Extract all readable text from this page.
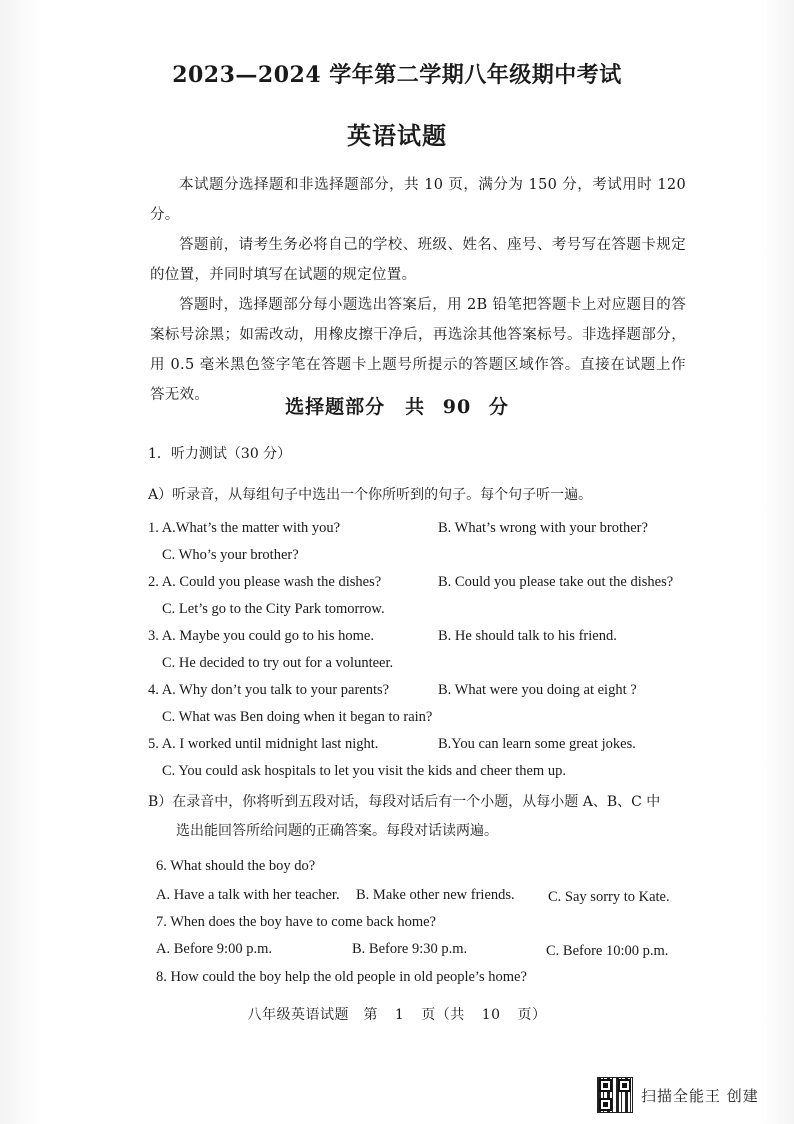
2023—2024 学年第二学期八年级期中考试
英语试题

本试题分选择题和非选择题部分，共 10 页，满分为 150 分，考试用时 120 分。

答题前，请考生务必将自己的学校、班级、姓名、座号、考号写在答题卡规定的位置，并同时填写在试题的规定位置。

答题时，选择题部分每小题选出答案后，用 2B 铅笔把答题卡上对应题目的答案标号涂黑；如需改动，用橡皮擦干净后，再选涂其他答案标号。非选择题部分，用 0.5 毫米黑色签字笔在答题卡上题号所提示的答题区域作答。直接在试题上作答无效。

选择题部分　共 90 分
1．听力测试（30 分）
A）听录音，从每组句子中选出一个你所听到的句子。每个句子听一遍。
1. A.What’s the matter with you?	B. What’s wrong with your brother?
C. Who’s your brother?
2. A. Could you please wash the dishes?	B. Could you please take out the dishes?
C. Let’s go to the City Park tomorrow.
3. A. Maybe you could go to his home.	B. He should talk to his friend.
C. He decided to try out for a volunteer.
4. A. Why don’t you talk to your parents?	B. What were you doing at eight ?
C. What was Ben doing when it began to rain?
5. A. I worked until midnight last night.	B.You can learn some great jokes.
C. You could ask hospitals to let you visit the kids and cheer them up.
B）在录音中，你将听到五段对话，每段对话后有一个小题，从每小题 A、B、C 中
选出能回答所给问题的正确答案。每段对话读两遍。
6. What should the boy do?
A. Have a talk with her teacher. B. Make other new friends. C. Say sorry to Kate.
7. When does the boy have to come back home?
A. Before 9:00 p.m.	B. Before 9:30 p.m.	C. Before 10:00 p.m.
8. How could the boy help the old people in old people’s home?
八年级英语试题　第 1 页（共 10 页）
扫描全能王 创建
